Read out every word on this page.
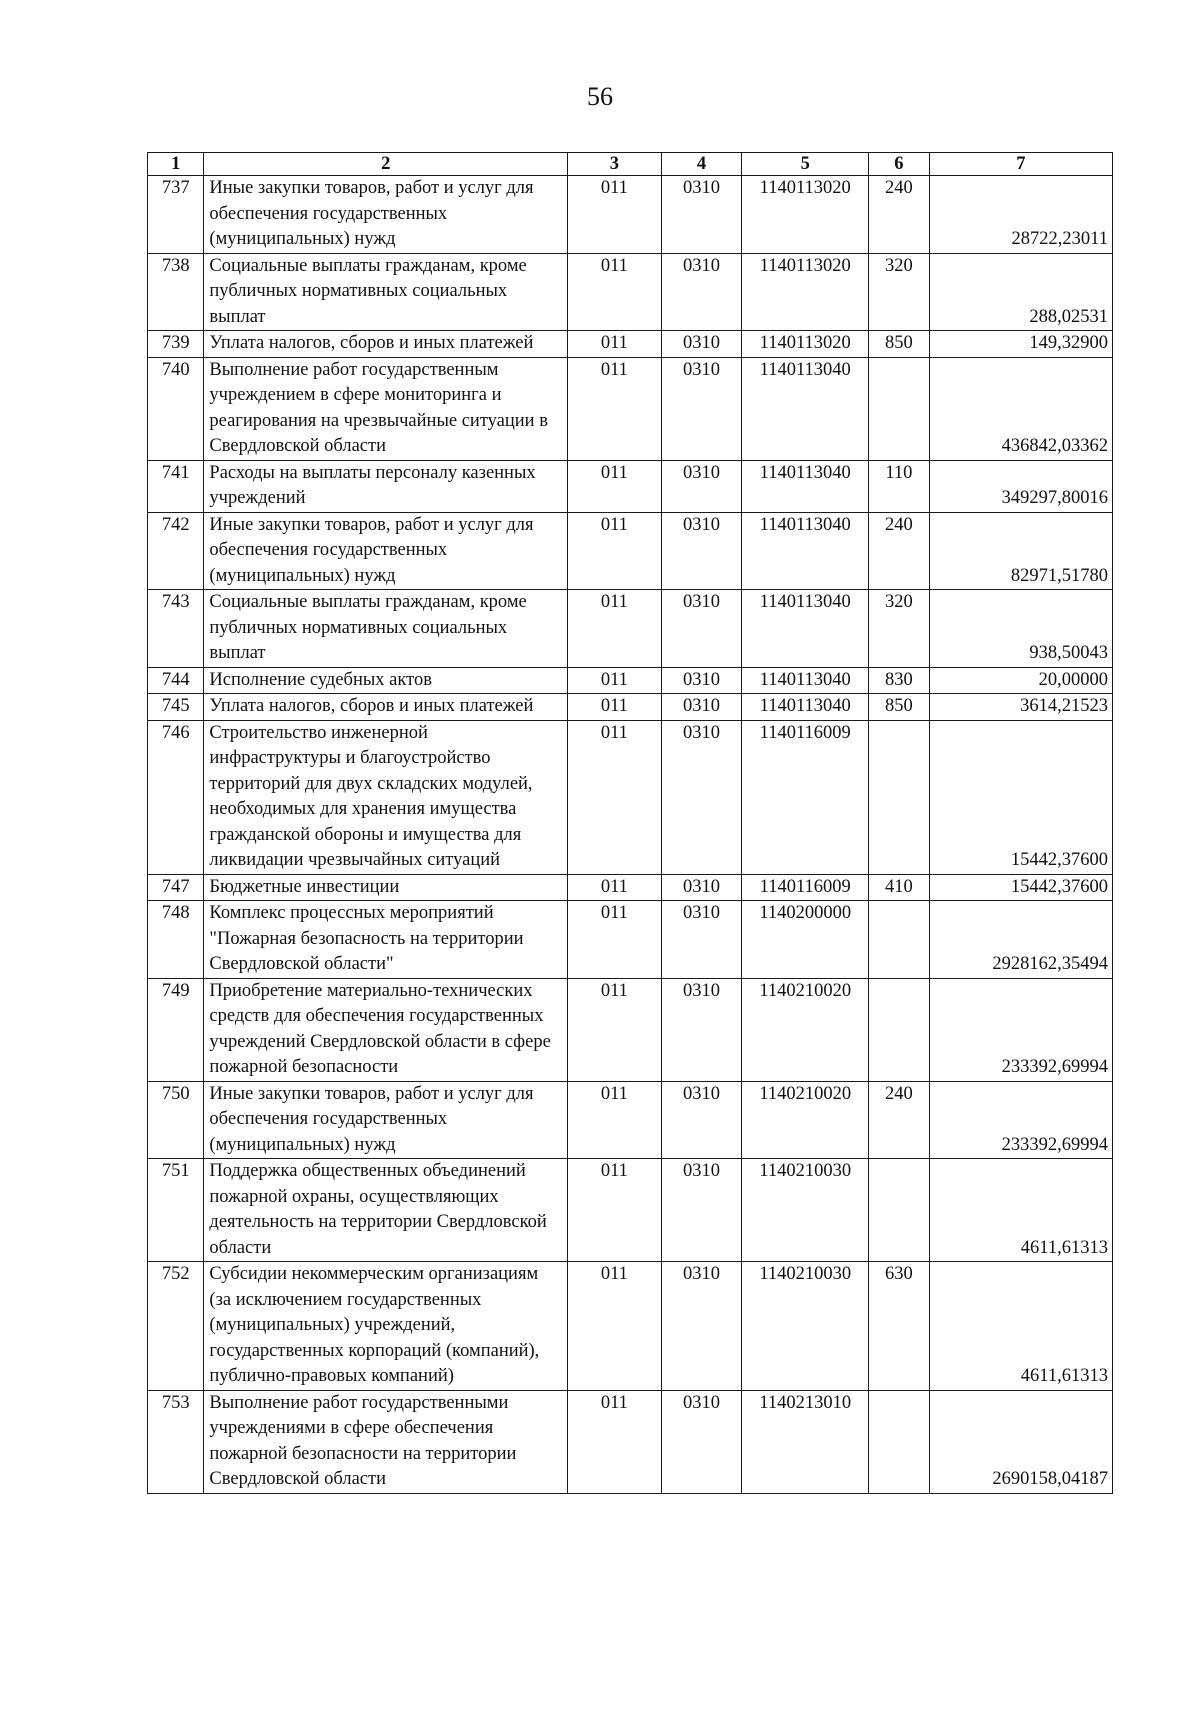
56
1	2	3	4	5	6	7
737	Иные закупки товаров, работ и услуг для обеспечения государственных (муниципальных) нужд	011	0310	1140113020	240	28722,23011
738	Социальные выплаты гражданам, кроме публичных нормативных социальных выплат	011	0310	1140113020	320	288,02531
739	Уплата налогов, сборов и иных платежей	011	0310	1140113020	850	149,32900
740	Выполнение работ государственным учреждением в сфере мониторинга и реагирования на чрезвычайные ситуации в Свердловской области	011	0310	1140113040		436842,03362
741	Расходы на выплаты персоналу казенных учреждений	011	0310	1140113040	110	349297,80016
742	Иные закупки товаров, работ и услуг для обеспечения государственных (муниципальных) нужд	011	0310	1140113040	240	82971,51780
743	Социальные выплаты гражданам, кроме публичных нормативных социальных выплат	011	0310	1140113040	320	938,50043
744	Исполнение судебных актов	011	0310	1140113040	830	20,00000
745	Уплата налогов, сборов и иных платежей	011	0310	1140113040	850	3614,21523
746	Строительство инженерной инфраструктуры и благоустройство территорий для двух складских модулей, необходимых для хранения имущества гражданской обороны и имущества для ликвидации чрезвычайных ситуаций	011	0310	1140116009		15442,37600
747	Бюджетные инвестиции	011	0310	1140116009	410	15442,37600
748	Комплекс процессных мероприятий "Пожарная безопасность на территории Свердловской области"	011	0310	1140200000		2928162,35494
749	Приобретение материально-технических средств для обеспечения государственных учреждений Свердловской области в сфере пожарной безопасности	011	0310	1140210020		233392,69994
750	Иные закупки товаров, работ и услуг для обеспечения государственных (муниципальных) нужд	011	0310	1140210020	240	233392,69994
751	Поддержка общественных объединений пожарной охраны, осуществляющих деятельность на территории Свердловской области	011	0310	1140210030		4611,61313
752	Субсидии некоммерческим организациям (за исключением государственных (муниципальных) учреждений, государственных корпораций (компаний), публично-правовых компаний)	011	0310	1140210030	630	4611,61313
753	Выполнение работ государственными учреждениями в сфере обеспечения пожарной безопасности на территории Свердловской области	011	0310	1140213010		2690158,04187
